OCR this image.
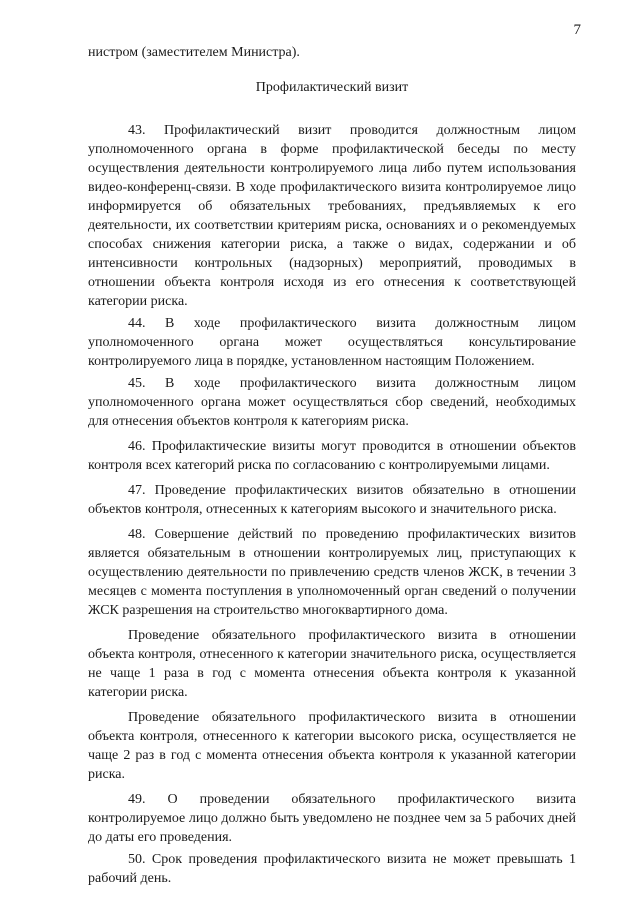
7

нистром (заместителем Министра).

Профилактический визит

43. Профилактический визит проводится должностным лицом уполномоченного органа в форме профилактической беседы по месту осуществления деятельности контролируемого лица либо путем использования видео-конференц-связи. В ходе профилактического визита контролируемое лицо информируется об обязательных требованиях, предъявляемых к его деятельности, их соответствии критериям риска, основаниях и о рекомендуемых способах снижения категории риска, а также о видах, содержании и об интенсивности контрольных (надзорных) мероприятий, проводимых в отношении объекта контроля исходя из его отнесения к соответствующей категории риска.

44. В ходе профилактического визита должностным лицом уполномоченного органа может осуществляться консультирование контролируемого лица в порядке, установленном настоящим Положением.

45. В ходе профилактического визита должностным лицом уполномоченного органа может осуществляться сбор сведений, необходимых для отнесения объектов контроля к категориям риска.

46. Профилактические визиты могут проводится в отношении объектов контроля всех категорий риска по согласованию с контролируемыми лицами.

47. Проведение профилактических визитов обязательно в отношении объектов контроля, отнесенных к категориям высокого и значительного риска.

48. Совершение действий по проведению профилактических визитов является обязательным в отношении контролируемых лиц, приступающих к осуществлению деятельности по привлечению средств членов ЖСК, в течении 3 месяцев с момента поступления в уполномоченный орган сведений о получении ЖСК разрешения на строительство многоквартирного дома.

Проведение обязательного профилактического визита в отношении объекта контроля, отнесенного к категории значительного риска, осуществляется не чаще 1 раза в год с момента отнесения объекта контроля к указанной категории риска.

Проведение обязательного профилактического визита в отношении объекта контроля, отнесенного к категории высокого риска, осуществляется не чаще 2 раз в год с момента отнесения объекта контроля к указанной категории риска.

49. О проведении обязательного профилактического визита контролируемое лицо должно быть уведомлено не позднее чем за 5 рабочих дней до даты его проведения.

50. Срок проведения профилактического визита не может превышать 1 рабочий день.
